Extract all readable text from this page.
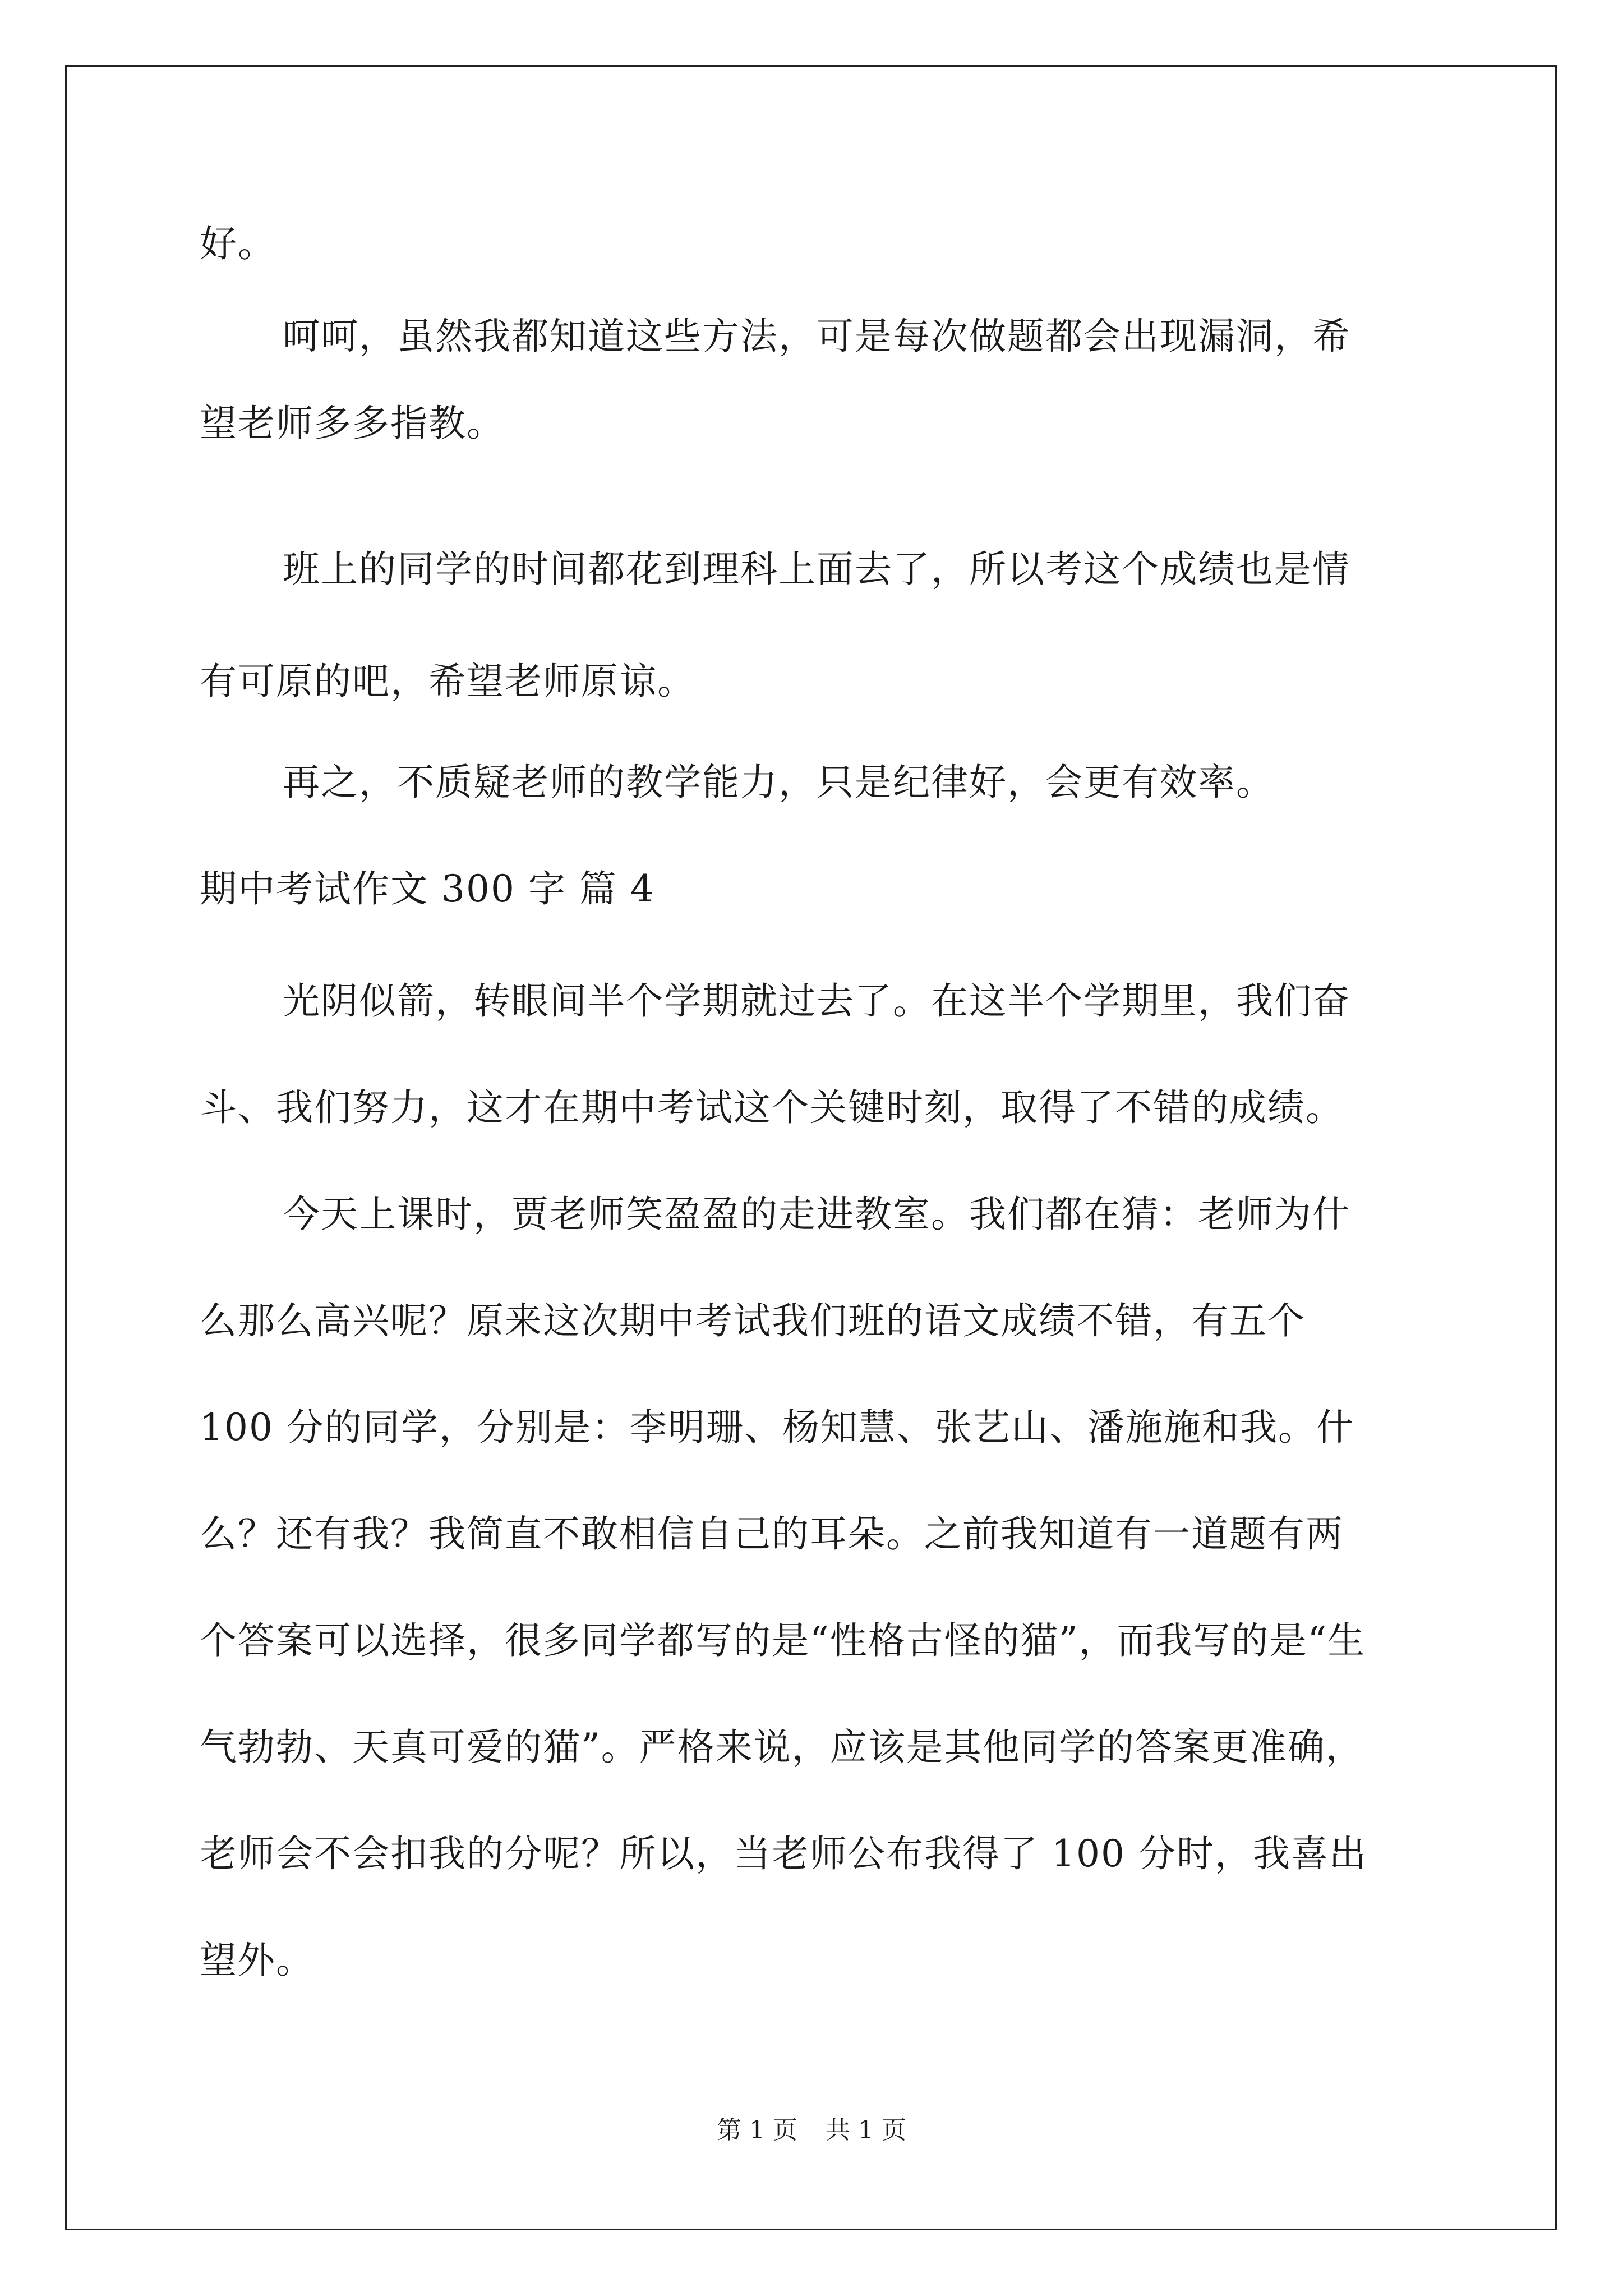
好。
呵呵，虽然我都知道这些方法，可是每次做题都会出现漏洞，希
望老师多多指教。
班上的同学的时间都花到理科上面去了，所以考这个成绩也是情
有可原的吧，希望老师原谅。
再之，不质疑老师的教学能力，只是纪律好，会更有效率。
期中考试作文 300 字 篇 4
光阴似箭，转眼间半个学期就过去了。在这半个学期里，我们奋
斗、我们努力，这才在期中考试这个关键时刻，取得了不错的成绩。
今天上课时，贾老师笑盈盈的走进教室。我们都在猜：老师为什
么那么高兴呢？原来这次期中考试我们班的语文成绩不错，有五个
100 分的同学，分别是：李明珊、杨知慧、张艺山、潘施施和我。什
么？还有我？我简直不敢相信自己的耳朵。之前我知道有一道题有两
个答案可以选择，很多同学都写的是“性格古怪的猫”，而我写的是“生
气勃勃、天真可爱的猫”。严格来说，应该是其他同学的答案更准确，
老师会不会扣我的分呢？所以，当老师公布我得了 100 分时，我喜出
望外。
第 1 页 共 1 页
